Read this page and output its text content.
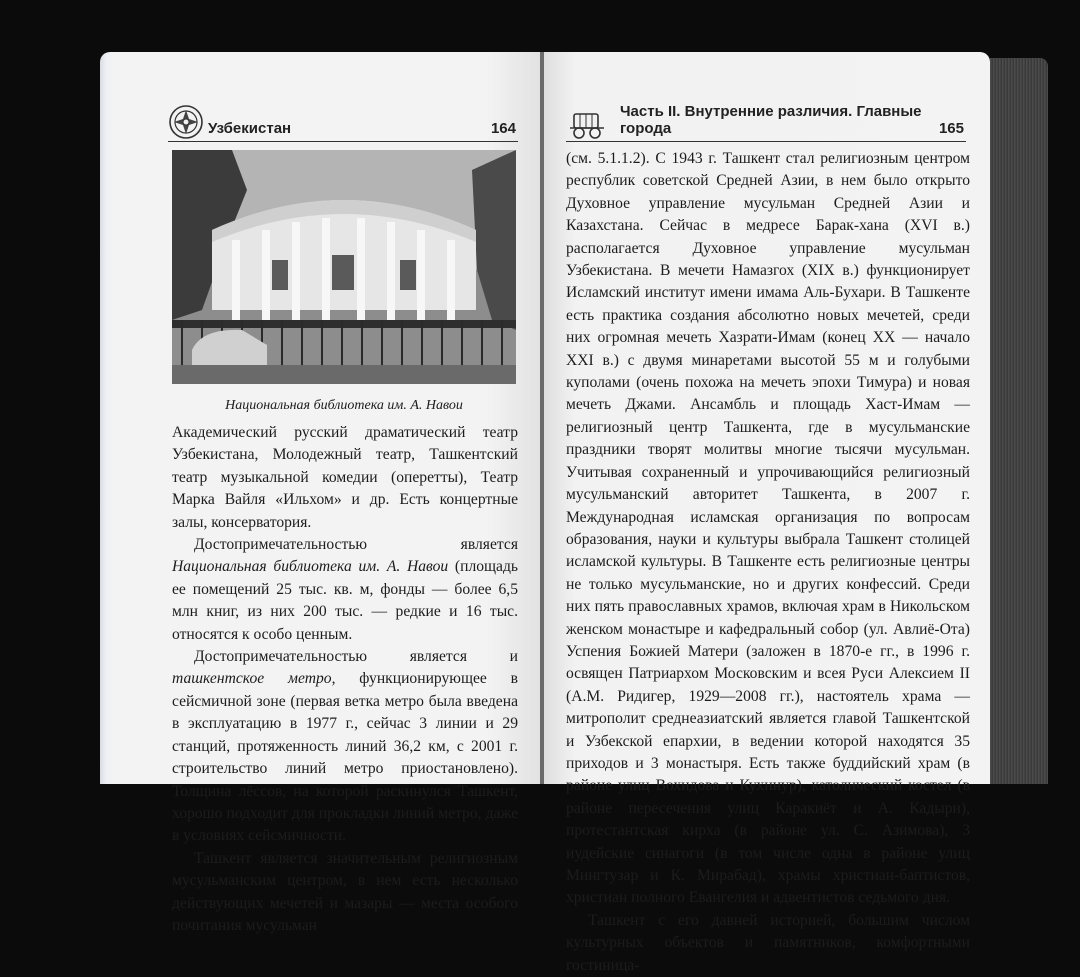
Узбекистан	164
Национальная библиотека им. А. Навои

Академический русский драматический театр Узбекистана, Молодежный театр, Ташкентский театр музыкальной комедии (оперетты), Театр Марка Вайля «Ильхом» и др. Есть концертные залы, консерватория.

Достопримечательностью является Национальная библиотека им. А. Навои (площадь ее помещений 25 тыс. кв. м, фонды — более 6,5 млн книг, из них 200 тыс. — редкие и 16 тыс. относятся к особо ценным.

Достопримечательностью является и ташкентское метро, функционирующее в сейсмичной зоне (первая ветка метро была введена в эксплуатацию в 1977 г., сейчас 3 линии и 29 станций, протяженность линий 36,2 км, с 2001 г. строительство линий метро приостановлено). Толщина лёссов, на которой раскинулся Ташкент, хорошо подходит для прокладки линий метро, даже в условиях сейсмичности.

Ташкент является значительным религиозным мусульманским центром, в нем есть несколько действующих мечетей и мазары — места особого почитания мусульман

Часть II. Внутренние различия. Главные города	165

(см. 5.1.1.2). С 1943 г. Ташкент стал религиозным центром республик советской Средней Азии, в нем было открыто Духовное управление мусульман Средней Азии и Казахстана. Сейчас в медресе Барак-хана (XVI в.) располагается Духовное управление мусульман Узбекистана. В мечети Намазгох (XIX в.) функционирует Исламский институт имени имама Аль-Бухари. В Ташкенте есть практика создания абсолютно новых мечетей, среди них огромная мечеть Хазрати-Имам (конец XX — начало XXI в.) с двумя минаретами высотой 55 м и голубыми куполами (очень похожа на мечеть эпохи Тимура) и новая мечеть Джами. Ансамбль и площадь Хаст-Имам — религиозный центр Ташкента, где в мусульманские праздники творят молитвы многие тысячи мусульман. Учитывая сохраненный и упрочивающийся религиозный мусульманский авторитет Ташкента, в 2007 г. Международная исламская организация по вопросам образования, науки и культуры выбрала Ташкент столицей исламской культуры. В Ташкенте есть религиозные центры не только мусульманские, но и других конфессий. Среди них пять православных храмов, включая храм в Никольском женском монастыре и кафедральный собор (ул. Авлиё-Ота) Успения Божией Матери (заложен в 1870-е гг., в 1996 г. освящен Патриархом Московским и всея Руси Алексием II (А.М. Ридигер, 1929—2008 гг.), настоятель храма — митрополит среднеазиатский является главой Ташкентской и Узбекской епархии, в ведении которой находятся 35 приходов и 3 монастыря. Есть также буддийский храм (в районе улиц Вохидова и Кухинур), католический костел (в районе пересечения улиц Каракиёт и А. Кадыри), протестантская кирха (в районе ул. С. Азимова), 3 иудейские синагоги (в том числе одна в районе улиц Мингтузар и К. Мирабад), храмы христиан-баптистов, христиан полного Евангелия и адвентистов седьмого дня.

Ташкент с его давней историей, большим числом культурных объектов и памятников, комфортными гостиница-
